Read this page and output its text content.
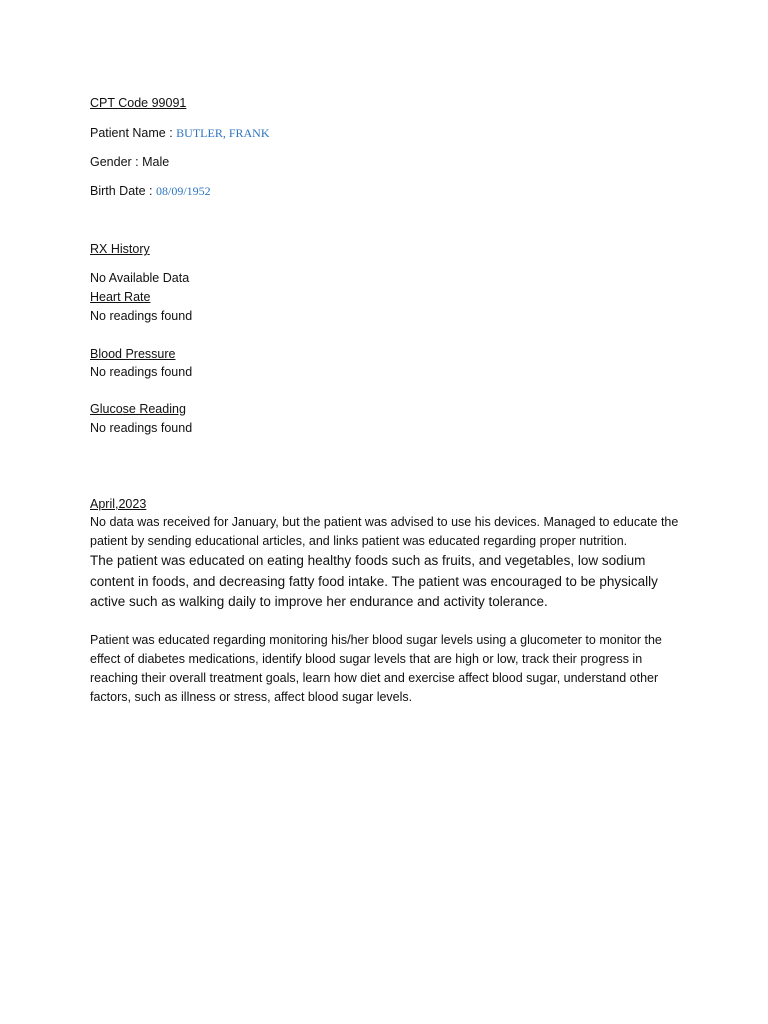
CPT Code 99091
Patient Name : BUTLER, FRANK
Gender : Male
Birth Date : 08/09/1952
RX History
No Available Data
Heart Rate
No readings found
Blood Pressure
No readings found
Glucose Reading
No readings found
April,2023
No data was received for January, but the patient was advised to use his devices. Managed to educate the patient by sending educational articles, and links patient was educated regarding proper nutrition.
The patient was educated on eating healthy foods such as fruits, and vegetables, low sodium content in foods, and decreasing fatty food intake. The patient was encouraged to be physically active such as walking daily to improve her endurance and activity tolerance.
Patient was educated regarding monitoring his/her blood sugar levels using a glucometer to monitor the effect of diabetes medications, identify blood sugar levels that are high or low, track their progress in reaching their overall treatment goals, learn how diet and exercise affect blood sugar, understand other factors, such as illness or stress, affect blood sugar levels.
